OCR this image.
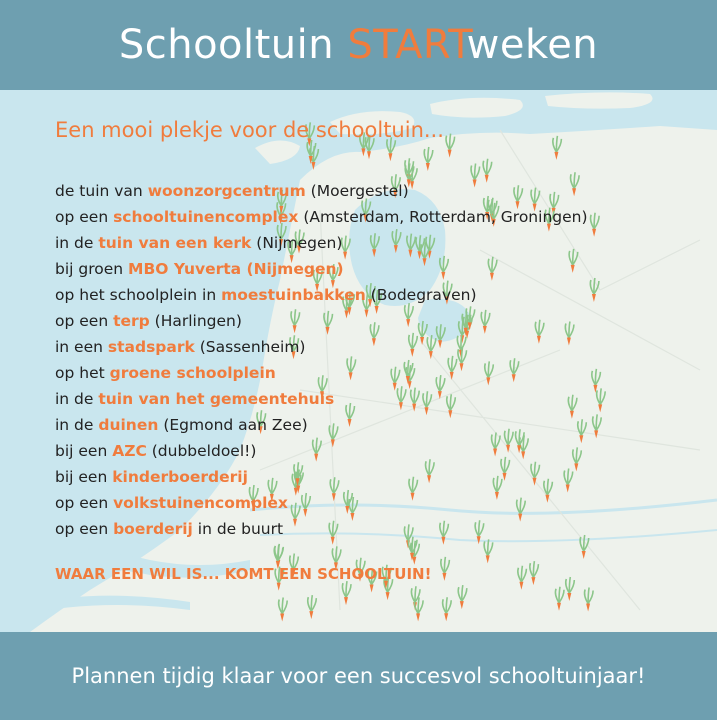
Schooltuin STARTweken
Een mooi plekje voor de schooltuin...
de tuin van woonzorgcentrum (Moergestel)
op een schooltuinencomplex (Amsterdam, Rotterdam, Groningen)
in de tuin van een kerk (Nijmegen)
bij groen MBO Yuverta (Nijmegen)
op het schoolplein in moestuinbakken (Bodegraven)
op een terp (Harlingen)
in een stadspark (Sassenheim)
op het groene schoolplein
in de tuin van het gemeentehuis
in de duinen (Egmond aan Zee)
bij een AZC (dubbeldoel!)
bij een kinderboerderij
op een volkstuinencomplex
op een boerderij in de buurt
WAAR EEN WIL IS... KOMT EEN SCHOOLTUIN!
Plannen tijdig klaar voor een succesvol schooltuinjaar!
